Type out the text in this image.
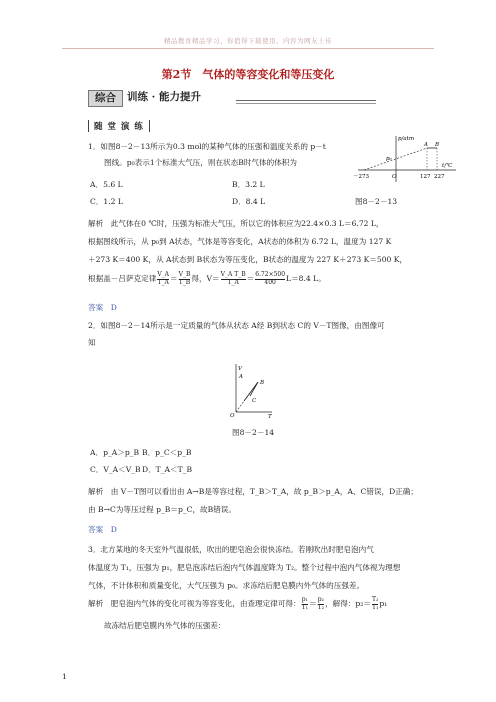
精品教育精品学习、你值得下载使用、内容为网友上传
第2节　气体的等容变化和等压变化
综合 训练 · 能力提升
随 堂 演 练
1．如图8－2－13所示为0.3 mol的某种气体的压强和温度关系的 p－t
图线。p₀表示1个标准大气压，则在状态B时气体的体积为
A．5.6 L	B．3.2 L
C．1.2 L	D．8.4 L	图8－2－13
p/atm
p₀
A B
t/℃
－273	O	127 227
解析　此气体在0 ℃时，压强为标准大气压，所以它的体积应为22.4×0.3 L＝6.72 L，
根据图线所示，从 p₀到 A状态，气体是等容变化，A状态的体积为 6.72 L，温度为 127 K
＋273 K＝400 K，从 A状态到 B状态为等压变化，B状态的温度为 227 K＋273 K＝500 K，
根据盖－吕萨克定律 $\frac{V\_A}{T\_A} = \frac{V\_B}{T\_B}$ 得，$V= \frac{\text{V\_A T\_B}}{T\_A} = \frac{6.72\times 500}{400} L=8.4$ L。
答案　D
2．如图8－2－14所示是一定质量的气体从状态 A经 B到状态 C的 V－T图像，由图像可
知
V
A
B
C
O	T
图8－2－14
A．p_A＞p_B B．p_C＜p_B
C．V_A＜V_B D．T_A＜T_B
解析　由 V－T图可以看出由 A→B是等容过程，T_B＞T_A，故 p_B＞p_A，A、C错误，D正确；
由 B→C为等压过程 p_B＝p_C，故B错误。
答案　D
3．北方某地的冬天室外气温很低，吹出的肥皂泡会很快冻结。若刚吹出时肥皂泡内气
体温度为 T₁，压强为 p₁，肥皂泡冻结后泡内气体温度降为 T₂。整个过程中泡内气体视为理想
气体，不计体积和质量变化，大气压强为 p₀。求冻结后肥皂膜内外气体的压强差。
解析　肥皂泡内气体的变化可视为等容变化，由查理定律可得： $\frac{\text{p₁}}{\text{T₁}} = \frac{\text{p₂}}{\text{T₂}}$ ，解得：$p_2= \frac{\text{T₂}}{\text{T₁}} p_1$
故冻结后肥皂膜内外气体的压强差：
1
